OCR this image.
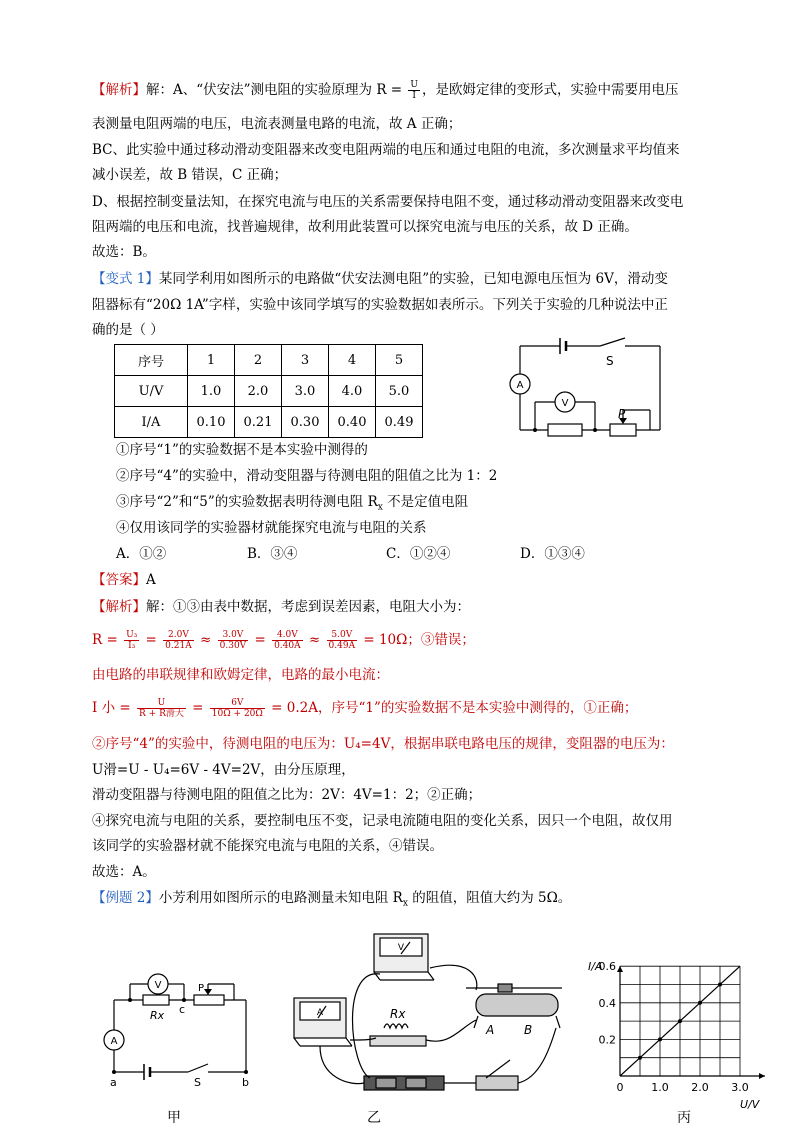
【解析】解：A、“伏安法”测电阻的实验原理为 $R = \frac{U}{I}$ ，是欧姆定律的变形式，实验中需要用电压
表测量电阻两端的电压，电流表测量电路的电流，故 A 正确；
BC、此实验中通过移动滑动变阻器来改变电阻两端的电压和通过电阻的电流，多次测量求平均值来
减小误差，故 B 错误，C 正确；
D、根据控制变量法知，在探究电流与电压的关系需要保持电阻不变，通过移动滑动变阻器来改变电
阻两端的电压和电流，找普遍规律，故利用此装置可以探究电流与电压的关系，故 D 正确。
故选：B。
【变式 1】某同学利用如图所示的电路做“伏安法测电阻”的实验，已知电源电压恒为 6V，滑动变
阻器标有“20Ω 1A”字样，实验中该同学填写的实验数据如表所示。下列关于实验的几种说法中正
确的是（ ）
序号	1	2	3	4	5
U/V	1.0	2.0	3.0	4.0	5.0
I/A	0.10	0.21	0.30	0.40	0.49
A
V
S
P
①序号“1”的实验数据不是本实验中测得的
②序号“4”的实验中，滑动变阻器与待测电阻的阻值之比为 1：2
③序号“2”和“5”的实验数据表明待测电阻 $R_x$ 不是定值电阻
④仅用该同学的实验器材就能探究电流与电阻的关系
A．①②	B．③④	C．①②④	D．①③④
【答案】A
【解析】解：①③由表中数据，考虑到误差因素，电阻大小为：
$R = \frac{\text{U₃}}{\text{I₃}} = \frac{2.0V}{0.21A} \approx \frac{3.0V}{0.30V} = \frac{4.0V}{0.40A} \approx \frac{5.0V}{0.49A} = 10\Omega$；③错误；
由电路的串联规律和欧姆定律，电路的最小电流：
I 小 = $\frac{U}{\text{R + R滑大}} = \frac{6V}{10\Omega + 20\Omega} = 0.2A$，序号“1”的实验数据不是本实验中测得的，①正确；
②序号“4”的实验中，待测电阻的电压为：U₄=4V，根据串联电路电压的规律，变阻器的电压为：
U滑=U - U₄=6V - 4V=2V，由分压原理，
滑动变阻器与待测电阻的阻值之比为：2V：4V=1：2；②正确；
④探究电流与电阻的关系，要控制电压不变，记录电流随电阻的变化关系，因只一个电阻，故仅用
该同学的实验器材就不能探究电流与电阻的关系，④错误。
故选：A。
【例题 2】小芳利用如图所示的电路测量未知电阻 $R_x$ 的阻值，阻值大约为 5Ω。
V	P
Rx c
A
a	S	b
甲
V
A	Rx
A B
乙
I/A
U/V
0	1.0 2.0 3.0
0.2
0.4
0.6
丙
